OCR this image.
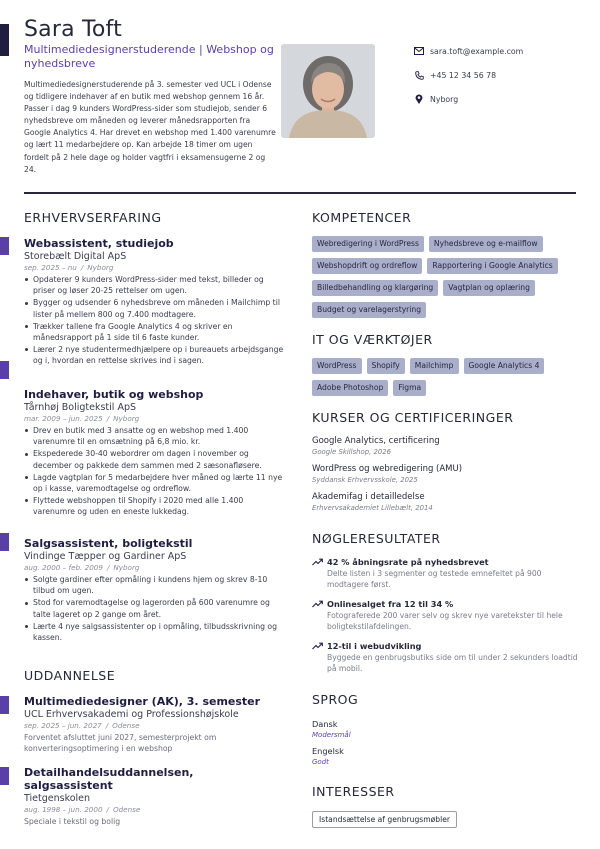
Sara Toft
Multimediedesignerstuderende | Webshop og nyhedsbreve
Multimediedesignerstuderende på 3. semester ved UCL i Odense og tidligere indehaver af en butik med webshop gennem 16 år. Passer i dag 9 kunders WordPress-sider som studiejob, sender 6 nyhedsbreve om måneden og leverer månedsrapporten fra Google Analytics 4. Har drevet en webshop med 1.400 varenumre og lært 11 medarbejdere op. Kan arbejde 18 timer om ugen fordelt på 2 hele dage og holder vagtfri i eksamensugerne 2 og 24.
sara.toft@example.com
+45 12 34 56 78
Nyborg
ERHVERVSERFARING
Webassistent, studiejob
Storebælt Digital ApS
sep. 2025 – nu / Nyborg
Opdaterer 9 kunders WordPress-sider med tekst, billeder og priser og løser 20-25 rettelser om ugen.
Bygger og udsender 6 nyhedsbreve om måneden i Mailchimp til lister på mellem 800 og 7.400 modtagere.
Trækker tallene fra Google Analytics 4 og skriver en månedsrapport på 1 side til 6 faste kunder.
Lærer 2 nye studentermedhjælpere op i bureauets arbejdsgange og i, hvordan en rettelse skrives ind i sagen.
Indehaver, butik og webshop
Tårnhøj Boligtekstil ApS
mar. 2009 – jun. 2025 / Nyborg
Drev en butik med 3 ansatte og en webshop med 1.400 varenumre til en omsætning på 6,8 mio. kr.
Ekspederede 30-40 webordrer om dagen i november og december og pakkede dem sammen med 2 sæsonafløsere.
Lagde vagtplan for 5 medarbejdere hver måned og lærte 11 nye op i kasse, varemodtagelse og ordreflow.
Flyttede webshoppen til Shopify i 2020 med alle 1.400 varenumre og uden en eneste lukkedag.
Salgsassistent, boligtekstil
Vindinge Tæpper og Gardiner ApS
aug. 2000 – feb. 2009 / Nyborg
Solgte gardiner efter opmåling i kundens hjem og skrev 8-10 tilbud om ugen.
Stod for varemodtagelse og lagerorden på 600 varenumre og talte lageret op 2 gange om året.
Lærte 4 nye salgsassistenter op i opmåling, tilbudsskrivning og kassen.
UDDANNELSE
Multimediedesigner (AK), 3. semester
UCL Erhvervsakademi og Professionshøjskole
sep. 2025 – jun. 2027 / Odense
Forventet afsluttet juni 2027, semesterprojekt om konverteringsoptimering i en webshop
Detailhandelsuddannelsen, salgsassistent
Tietgenskolen
aug. 1998 – jun. 2000 / Odense
Speciale i tekstil og bolig
KOMPETENCER
Webredigering i WordPress	Nyhedsbreve og e-mailflow
Webshopdrift og ordreflow	Rapportering i Google Analytics
Billedbehandling og klargøring	Vagtplan og oplæring
Budget og varelagerstyring
IT OG VÆRKTØJER
WordPress	Shopify	Mailchimp	Google Analytics 4
Adobe Photoshop	Figma
KURSER OG CERTIFICERINGER
Google Analytics, certificering
Google Skillshop, 2026
WordPress og webredigering (AMU)
Syddansk Erhvervsskole, 2025
Akademifag i detailledelse
Erhvervsakademiet Lillebælt, 2014
NØGLERESULTATER
42 % åbningsrate på nyhedsbrevet
Delte listen i 3 segmenter og testede emnefeltet på 900 modtagere først.
Onlinesalget fra 12 til 34 %
Fotograferede 200 varer selv og skrev nye varetekster til hele boligtekstilafdelingen.
12-til i webudvikling
Byggede en genbrugsbutiks side om til under 2 sekunders loadtid på mobil.
SPROG
Dansk
Modersmål
Engelsk
Godt
INTERESSER
Istandsættelse af genbrugsmøbler
